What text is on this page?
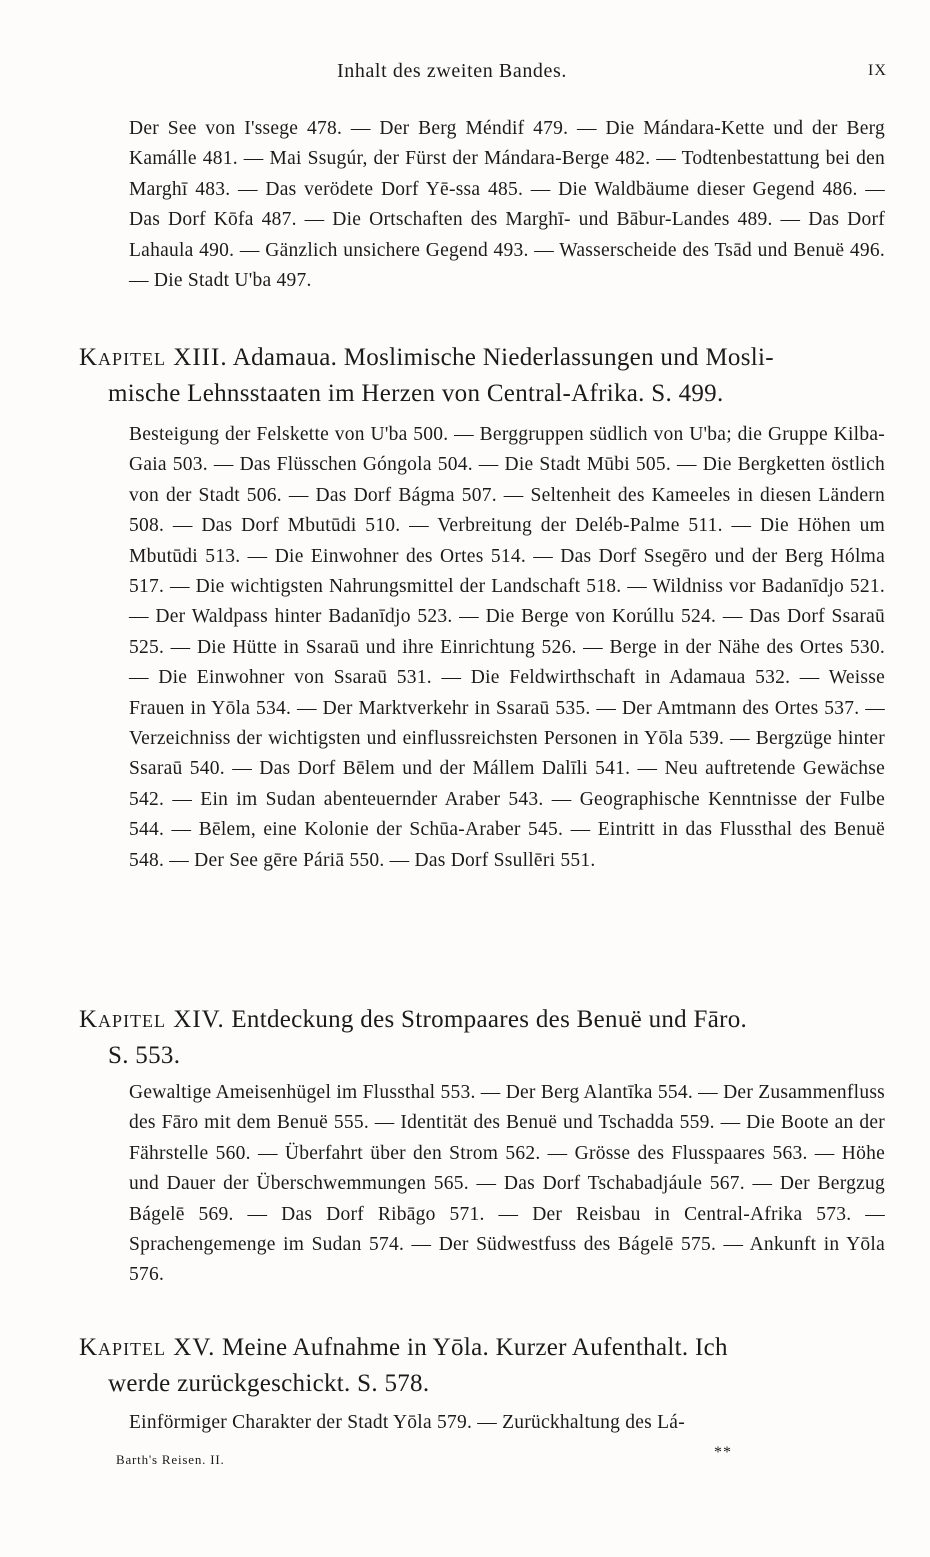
Inhalt des zweiten Bandes.	IX
Der See von I'ssege 478. — Der Berg Méndif 479. — Die Mándara-Kette und der Berg Kamálle 481. — Mai Ssugúr, der Fürst der Mándara-Berge 482. — Todtenbestattung bei den Marghī 483. — Das verödete Dorf Yē-ssa 485. — Die Waldbäume dieser Gegend 486. — Das Dorf Kōfa 487. — Die Ortschaften des Marghī- und Bābur-Landes 489. — Das Dorf Lahaula 490. — Gänzlich unsichere Gegend 493. — Wasserscheide des Tsād und Benuë 496. — Die Stadt U'ba 497.
Kapitel XIII. Adamaua. Moslimische Niederlassungen und Mosli-
mische Lehnsstaaten im Herzen von Central-Afrika. S. 499.
Besteigung der Felskette von U'ba 500. — Berggruppen südlich von U'ba; die Gruppe Kilba-Gaia 503. — Das Flüsschen Góngola 504. — Die Stadt Mūbi 505. — Die Bergketten östlich von der Stadt 506. — Das Dorf Bágma 507. — Seltenheit des Kameeles in diesen Ländern 508. — Das Dorf Mbutūdi 510. — Verbreitung der Deléb-Palme 511. — Die Höhen um Mbutūdi 513. — Die Einwohner des Ortes 514. — Das Dorf Ssegēro und der Berg Hólma 517. — Die wichtigsten Nahrungsmittel der Landschaft 518. — Wildniss vor Badanīdjo 521. — Der Waldpass hinter Badanīdjo 523. — Die Berge von Korúllu 524. — Das Dorf Ssaraū 525. — Die Hütte in Ssaraū und ihre Einrichtung 526. — Berge in der Nähe des Ortes 530. — Die Einwohner von Ssaraū 531. — Die Feldwirthschaft in Adamaua 532. — Weisse Frauen in Yōla 534. — Der Marktverkehr in Ssaraū 535. — Der Amtmann des Ortes 537. — Verzeichniss der wichtigsten und einflussreichsten Personen in Yōla 539. — Bergzüge hinter Ssaraū 540. — Das Dorf Bēlem und der Mállem Dalīli 541. — Neu auftretende Gewächse 542. — Ein im Sudan abenteuernder Araber 543. — Geographische Kenntnisse der Fulbe 544. — Bēlem, eine Kolonie der Schūa-Araber 545. — Eintritt in das Flussthal des Benuë 548. — Der See gēre Páriā 550. — Das Dorf Ssullēri 551.
Kapitel XIV. Entdeckung des Strompaares des Benuë und Fāro.
S. 553.
Gewaltige Ameisenhügel im Flussthal 553. — Der Berg Alantīka 554. — Der Zusammenfluss des Fāro mit dem Benuë 555. — Identität des Benuë und Tschadda 559. — Die Boote an der Fährstelle 560. — Überfahrt über den Strom 562. — Grösse des Flusspaares 563. — Höhe und Dauer der Überschwemmungen 565. — Das Dorf Tschabadjáule 567. — Der Bergzug Bágelē 569. — Das Dorf Ribāgo 571. — Der Reisbau in Central-Afrika 573. — Sprachengemenge im Sudan 574. — Der Südwestfuss des Bágelē 575. — Ankunft in Yōla 576.
Kapitel XV. Meine Aufnahme in Yōla. Kurzer Aufenthalt. Ich
werde zurückgeschickt. S. 578.
Einförmiger Charakter der Stadt Yōla 579. — Zurückhaltung des Lá-
Barth's Reisen. II.	**
